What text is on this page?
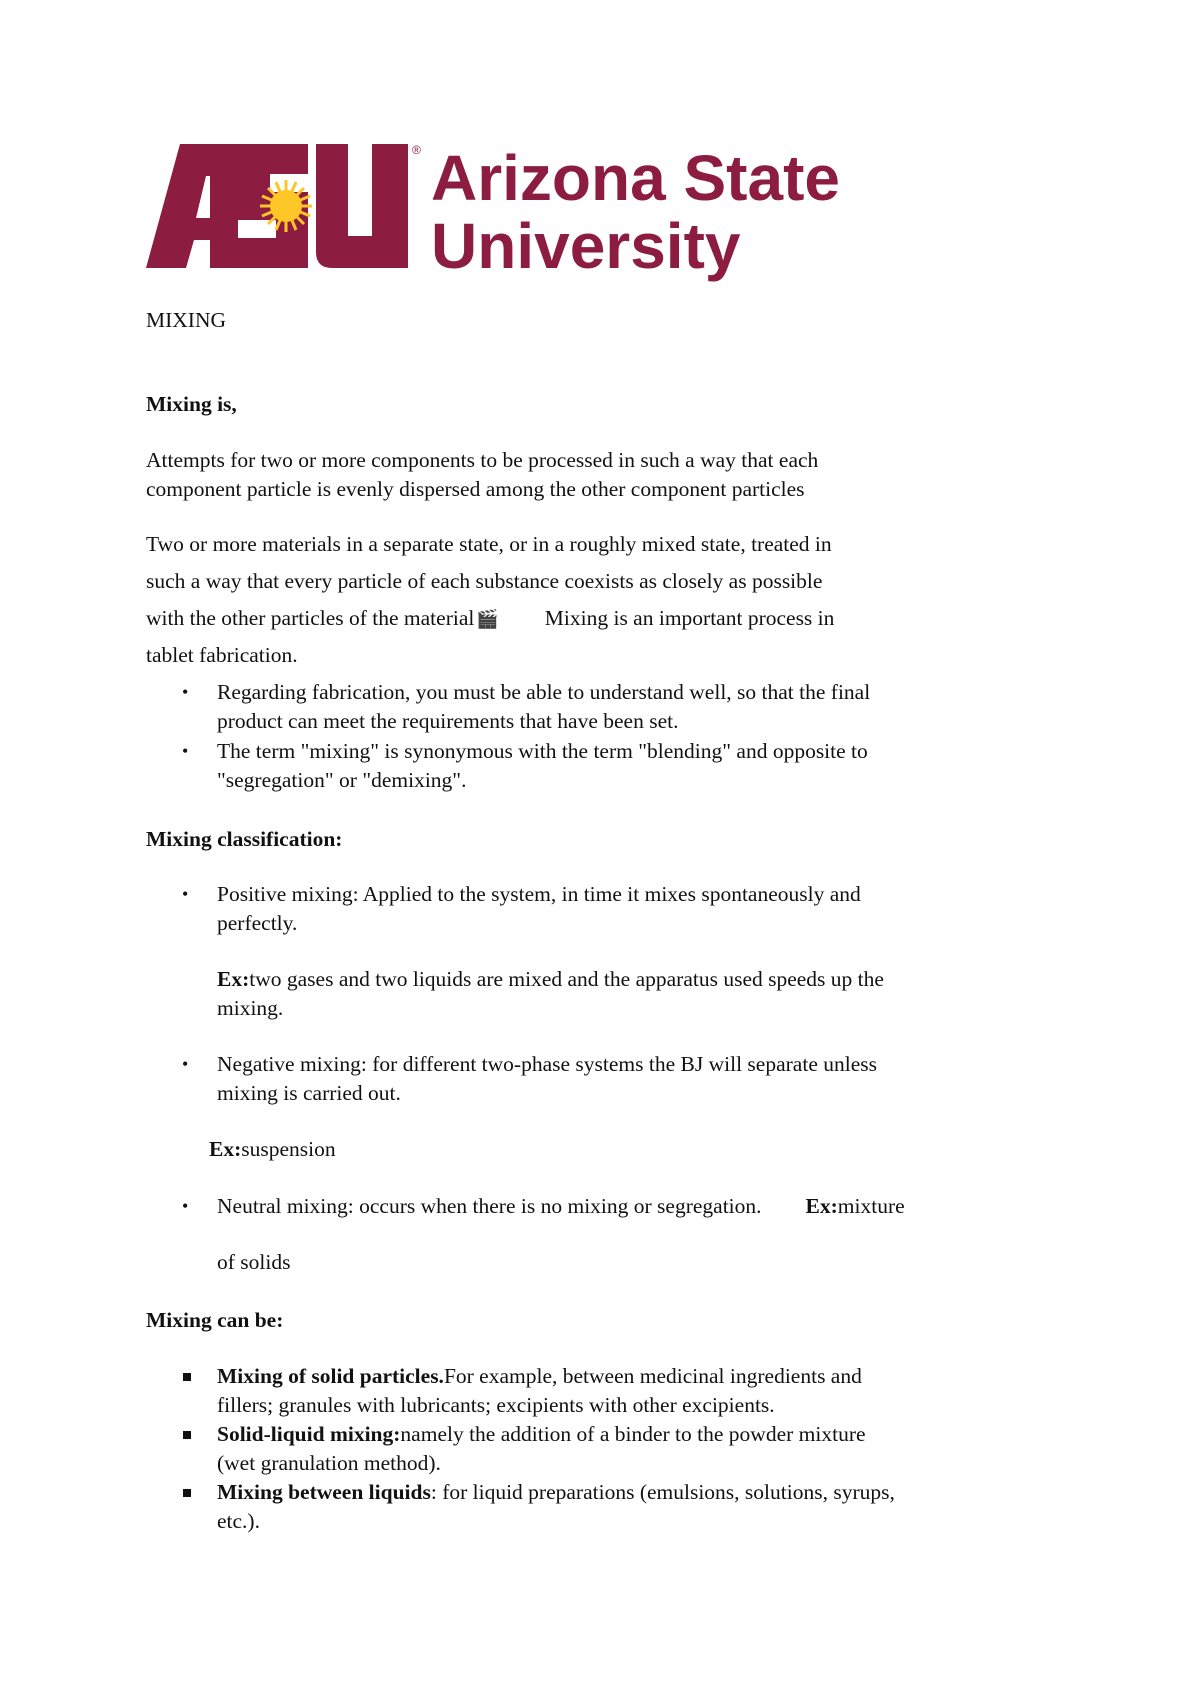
® Arizona State
University
MIXING
Mixing is,
Attempts for two or more components to be processed in such a way that each
component particle is evenly dispersed among the other component particles
Two or more materials in a separate state, or in a roughly mixed state, treated in
such a way that every particle of each substance coexists as closely as possible
with the other particles of the material 🎬 Mixing is an important process in
tablet fabrication.
• Regarding fabrication, you must be able to understand well, so that the final
product can meet the requirements that have been set.
• The term "mixing" is synonymous with the term "blending" and opposite to
"segregation" or "demixing".
Mixing classification:
• Positive mixing: Applied to the system, in time it mixes spontaneously and
perfectly.
Ex:two gases and two liquids are mixed and the apparatus used speeds up the
mixing.
• Negative mixing: for different two-phase systems the BJ will separate unless
mixing is carried out.
Ex:suspension
• Neutral mixing: occurs when there is no mixing or segregation. Ex:mixture
of solids
Mixing can be:
Mixing of solid particles.For example, between medicinal ingredients and
fillers; granules with lubricants; excipients with other excipients.
Solid-liquid mixing:namely the addition of a binder to the powder mixture
(wet granulation method).
Mixing between liquids: for liquid preparations (emulsions, solutions, syrups,
etc.).
